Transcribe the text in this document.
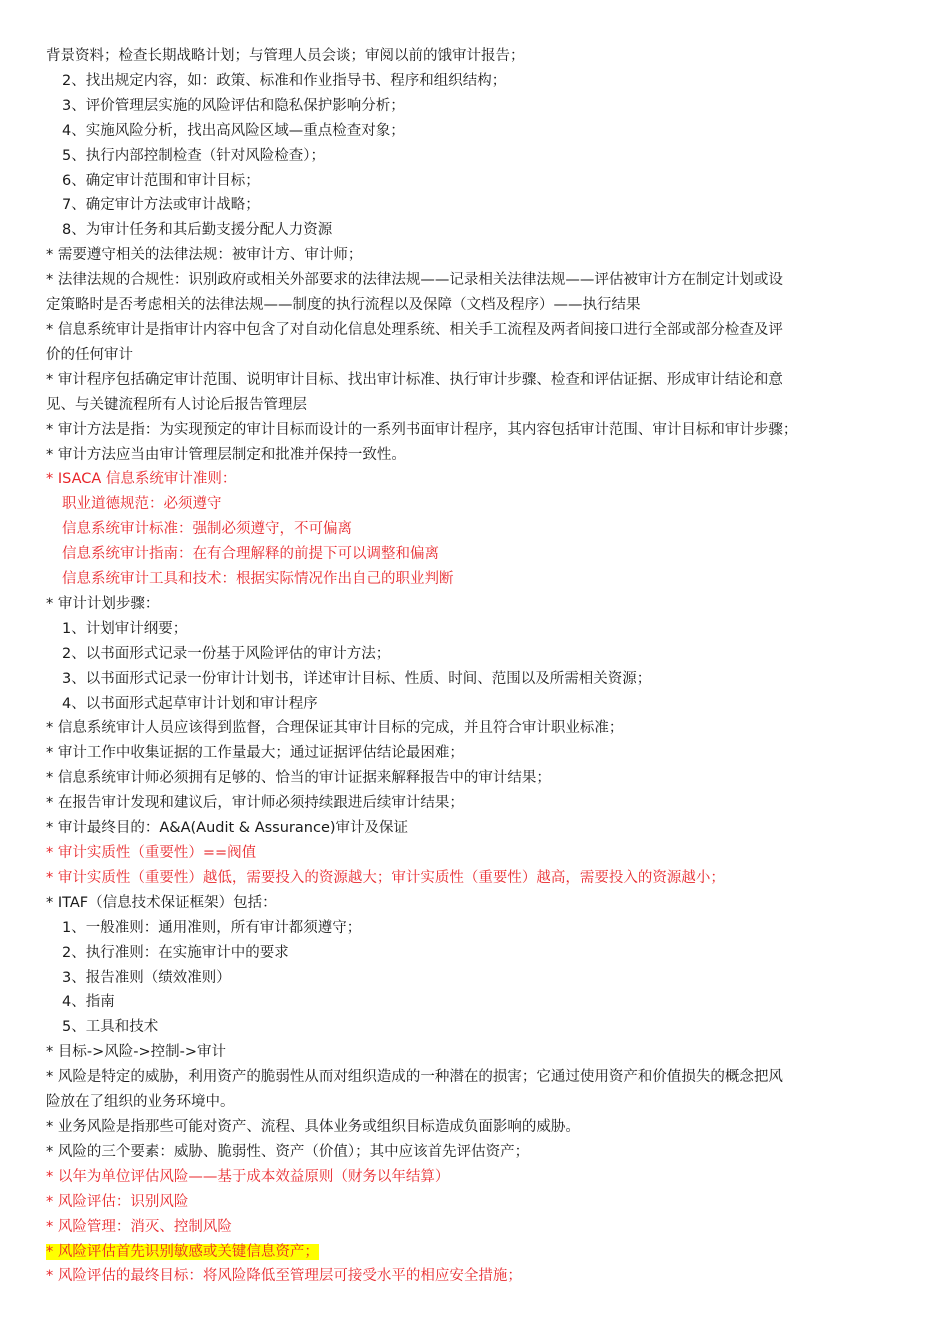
背景资料；检查长期战略计划；与管理人员会谈；审阅以前的饿审计报告；
2、找出规定内容，如：政策、标准和作业指导书、程序和组织结构；
3、评价管理层实施的风险评估和隐私保护影响分析；
4、实施风险分析，找出高风险区域—重点检查对象；
5、执行内部控制检查（针对风险检查）；
6、确定审计范围和审计目标；
7、确定审计方法或审计战略；
8、为审计任务和其后勤支援分配人力资源
* 需要遵守相关的法律法规：被审计方、审计师；
* 法律法规的合规性：识别政府或相关外部要求的法律法规——记录相关法律法规——评估被审计方在制定计划或设
定策略时是否考虑相关的法律法规——制度的执行流程以及保障（文档及程序）——执行结果
* 信息系统审计是指审计内容中包含了对自动化信息处理系统、相关手工流程及两者间接口进行全部或部分检查及评
价的任何审计
* 审计程序包括确定审计范围、说明审计目标、找出审计标准、执行审计步骤、检查和评估证据、形成审计结论和意
见、与关键流程所有人讨论后报告管理层
* 审计方法是指：为实现预定的审计目标而设计的一系列书面审计程序，其内容包括审计范围、审计目标和审计步骤；
* 审计方法应当由审计管理层制定和批准并保持一致性。
* ISACA 信息系统审计准则：
职业道德规范：必须遵守
信息系统审计标准：强制必须遵守，不可偏离
信息系统审计指南：在有合理解释的前提下可以调整和偏离
信息系统审计工具和技术：根据实际情况作出自己的职业判断
* 审计计划步骤：
1、计划审计纲要；
2、以书面形式记录一份基于风险评估的审计方法；
3、以书面形式记录一份审计计划书，详述审计目标、性质、时间、范围以及所需相关资源；
4、以书面形式起草审计计划和审计程序
* 信息系统审计人员应该得到监督，合理保证其审计目标的完成，并且符合审计职业标准；
* 审计工作中收集证据的工作量最大；通过证据评估结论最困难；
* 信息系统审计师必须拥有足够的、恰当的审计证据来解释报告中的审计结果；
* 在报告审计发现和建议后，审计师必须持续跟进后续审计结果；
* 审计最终目的：A&A(Audit & Assurance)审计及保证
* 审计实质性（重要性）==阀值
* 审计实质性（重要性）越低，需要投入的资源越大；审计实质性（重要性）越高，需要投入的资源越小；
* ITAF（信息技术保证框架）包括：
1、一般准则：通用准则，所有审计都须遵守；
2、执行准则：在实施审计中的要求
3、报告准则（绩效准则）
4、指南
5、工具和技术
* 目标->风险->控制->审计
* 风险是特定的威胁，利用资产的脆弱性从而对组织造成的一种潜在的损害；它通过使用资产和价值损失的概念把风
险放在了组织的业务环境中。
* 业务风险是指那些可能对资产、流程、具体业务或组织目标造成负面影响的威胁。
* 风险的三个要素：威胁、脆弱性、资产（价值）；其中应该首先评估资产；
* 以年为单位评估风险——基于成本效益原则（财务以年结算）
* 风险评估：识别风险
* 风险管理：消灭、控制风险
* 风险评估首先识别敏感或关键信息资产；
* 风险评估的最终目标：将风险降低至管理层可接受水平的相应安全措施；
